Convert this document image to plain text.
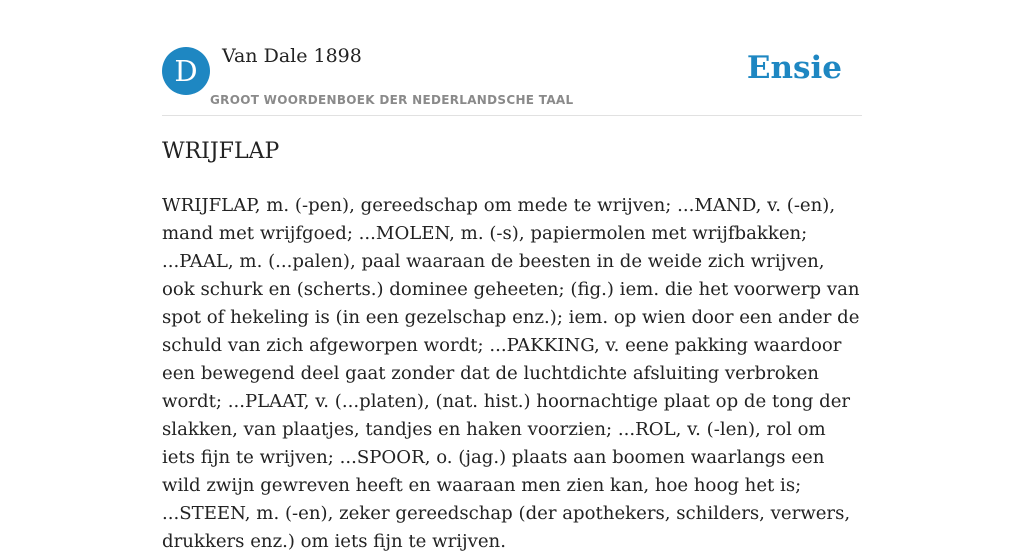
D	Van Dale 1898
GROOT WOORDENBOEK DER NEDERLANDSCHE TAAL
Ensie
WRIJFLAP

WRIJFLAP, m. (-pen), gereedschap om mede te wrijven; ...MAND, v. (-en), mand met wrijfgoed; ...MOLEN, m. (-s), papiermolen met wrijfbakken; ...PAAL, m. (...palen), paal waaraan de beesten in de weide zich wrijven, ook schurk en (scherts.) dominee geheeten; (fig.) iem. die het voorwerp van spot of hekeling is (in een gezelschap enz.); iem. op wien door een ander de schuld van zich afgeworpen wordt; ...PAKKING, v. eene pakking waardoor een bewegend deel gaat zonder dat de luchtdichte afsluiting verbroken wordt; ...PLAAT, v. (...platen), (nat. hist.) hoornachtige plaat op de tong der slakken, van plaatjes, tandjes en haken voorzien; ...ROL, v. (-len), rol om iets fijn te wrijven; ...SPOOR, o. (jag.) plaats aan boomen waarlangs een wild zwijn gewreven heeft en waaraan men zien kan, hoe hoog het is; ...STEEN, m. (-en), zeker gereedschap (der apothekers, schilders, verwers, drukkers enz.) om iets fijn te wrijven.
